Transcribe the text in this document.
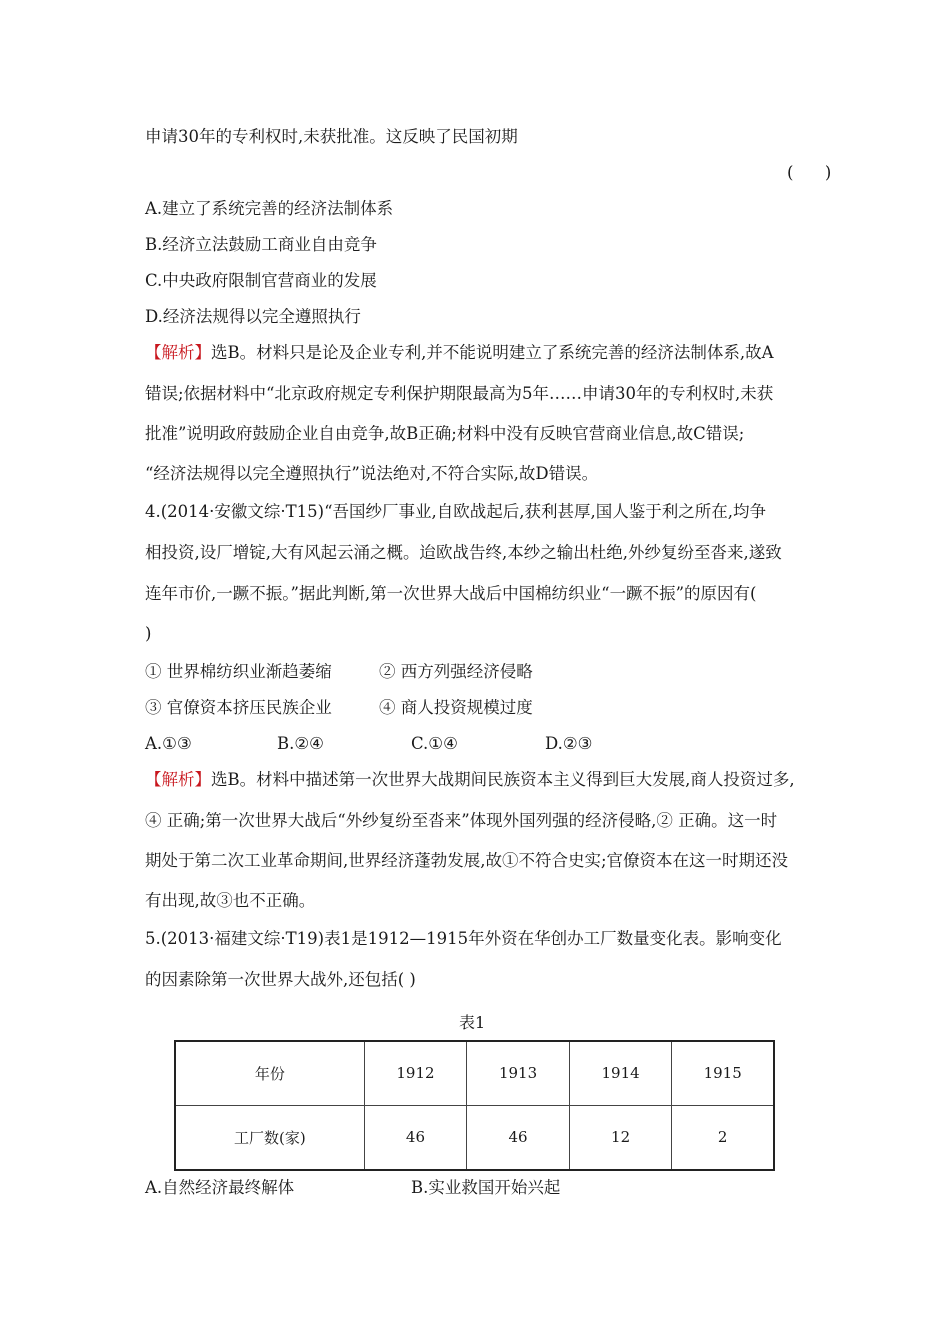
申请30年的专利权时,未获批准。这反映了民国初期
(      )
A.建立了系统完善的经济法制体系
B.经济立法鼓励工商业自由竞争
C.中央政府限制官营商业的发展
D.经济法规得以完全遵照执行
【解析】选B。材料只是论及企业专利,并不能说明建立了系统完善的经济法制体系,故A
错误;依据材料中“北京政府规定专利保护期限最高为5年……申请30年的专利权时,未获
批准”说明政府鼓励企业自由竞争,故B正确;材料中没有反映官营商业信息,故C错误;
“经济法规得以完全遵照执行”说法绝对,不符合实际,故D错误。
4.(2014·安徽文综·T15)“吾国纱厂事业,自欧战起后,获利甚厚,国人鉴于利之所在,均争
相投资,设厂增锭,大有风起云涌之概。迨欧战告终,本纱之输出杜绝,外纱复纷至沓来,遂致
连年市价,一蹶不振。”据此判断,第一次世界大战后中国棉纺织业“一蹶不振”的原因有(
)
① 世界棉纺织业渐趋萎缩	② 西方列强经济侵略
③ 官僚资本挤压民族企业	④ 商人投资规模过度
A.①③	B.②④	C.①④	D.②③
【解析】选B。材料中描述第一次世界大战期间民族资本主义得到巨大发展,商人投资过多,
④ 正确;第一次世界大战后“外纱复纷至沓来”体现外国列强的经济侵略,② 正确。这一时
期处于第二次工业革命期间,世界经济蓬勃发展,故①不符合史实;官僚资本在这一时期还没
有出现,故③也不正确。
5.(2013·福建文综·T19)表1是1912—1915年外资在华创办工厂数量变化表。影响变化
的因素除第一次世界大战外,还包括( )
表1
年份	1912	1913	1914	1915
工厂数(家)	46	46	12	2
A.自然经济最终解体	B.实业救国开始兴起
